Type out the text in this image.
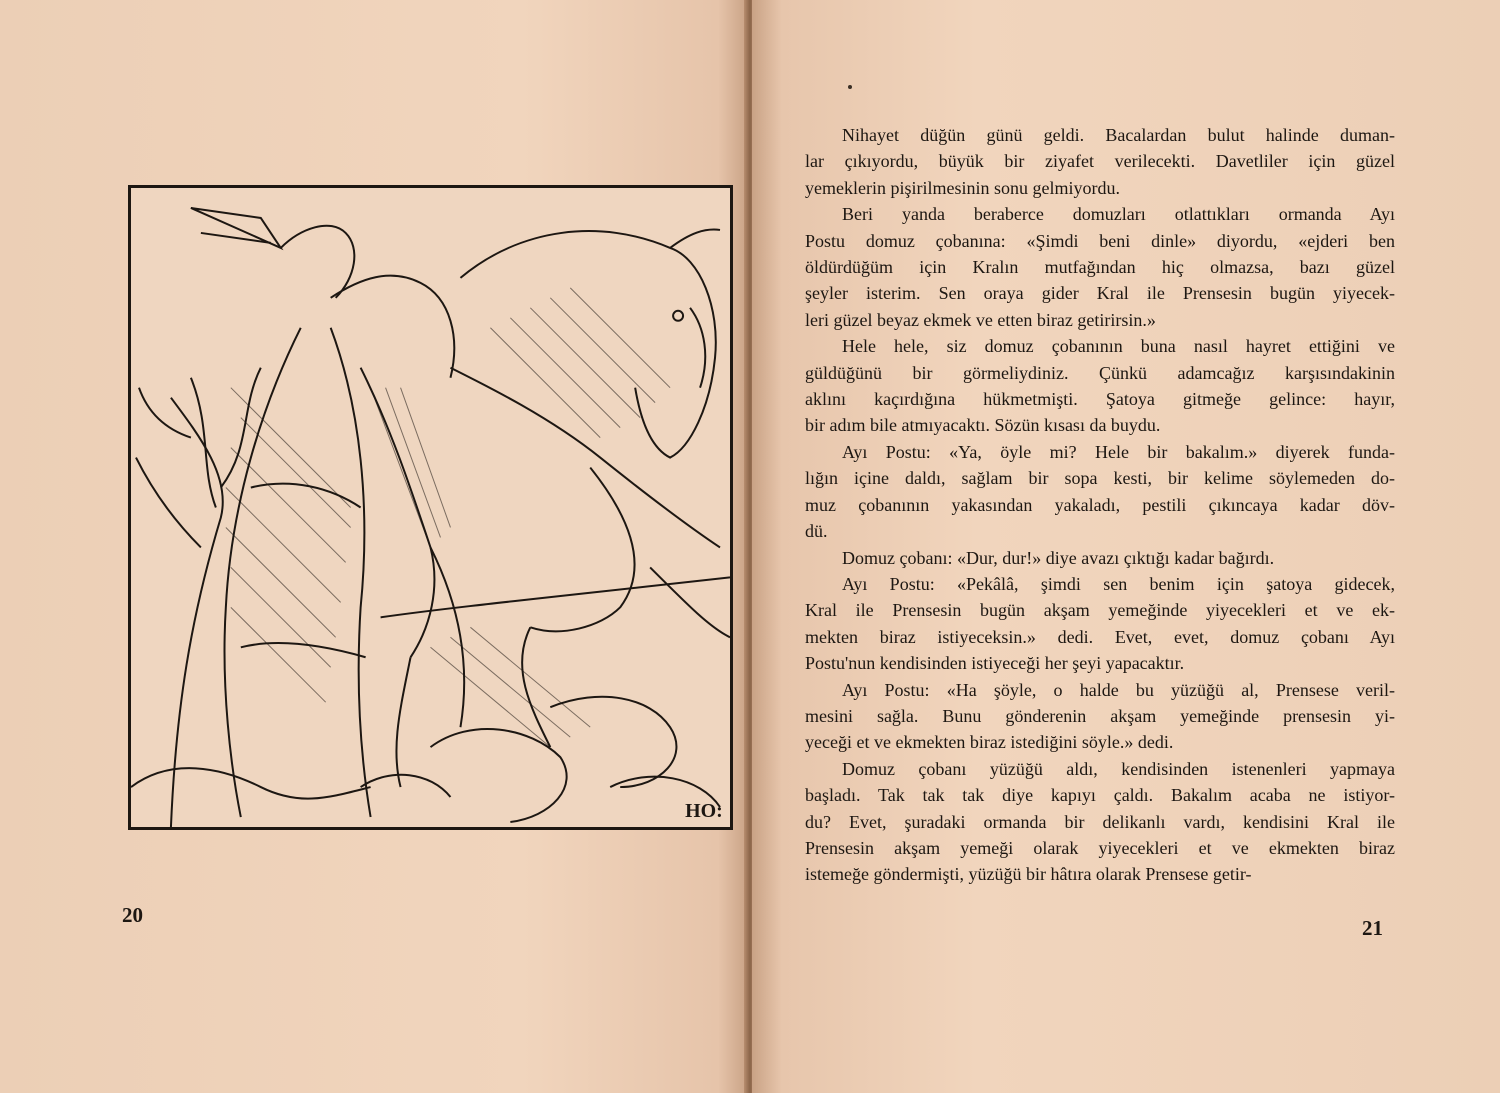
HO:
20

Nihayet düğün günü geldi. Bacalardan bulut halinde duman-
lar çıkıyordu, büyük bir ziyafet verilecekti. Davetliler için güzel
yemeklerin pişirilmesinin sonu gelmiyordu.

Beri yanda beraberce domuzları otlattıkları ormanda Ayı
Postu domuz çobanına: «Şimdi beni dinle» diyordu, «ejderi ben
öldürdüğüm için Kralın mutfağından hiç olmazsa, bazı güzel
şeyler isterim. Sen oraya gider Kral ile Prensesin bugün yiyecek-
leri güzel beyaz ekmek ve etten biraz getirirsin.»

Hele hele, siz domuz çobanının buna nasıl hayret ettiğini ve
güldüğünü bir görmeliydiniz. Çünkü adamcağız karşısındakinin
aklını kaçırdığına hükmetmişti. Şatoya gitmeğe gelince: hayır,
bir adım bile atmıyacaktı. Sözün kısası da buydu.

Ayı Postu: «Ya, öyle mi? Hele bir bakalım.» diyerek funda-
lığın içine daldı, sağlam bir sopa kesti, bir kelime söylemeden do-
muz çobanının yakasından yakaladı, pestili çıkıncaya kadar döv-
dü.

Domuz çobanı: «Dur, dur!» diye avazı çıktığı kadar bağırdı.

Ayı Postu: «Pekâlâ, şimdi sen benim için şatoya gidecek,
Kral ile Prensesin bugün akşam yemeğinde yiyecekleri et ve ek-
mekten biraz istiyeceksin.» dedi. Evet, evet, domuz çobanı Ayı
Postu'nun kendisinden istiyeceği her şeyi yapacaktır.

Ayı Postu: «Ha şöyle, o halde bu yüzüğü al, Prensese veril-
mesini sağla. Bunu gönderenin akşam yemeğinde prensesin yi-
yeceği et ve ekmekten biraz istediğini söyle.» dedi.

Domuz çobanı yüzüğü aldı, kendisinden istenenleri yapmaya
başladı. Tak tak tak diye kapıyı çaldı. Bakalım acaba ne istiyor-
du? Evet, şuradaki ormanda bir delikanlı vardı, kendisini Kral ile
Prensesin akşam yemeği olarak yiyecekleri et ve ekmekten biraz
istemeğe göndermişti, yüzüğü bir hâtıra olarak Prensese getir-

21
